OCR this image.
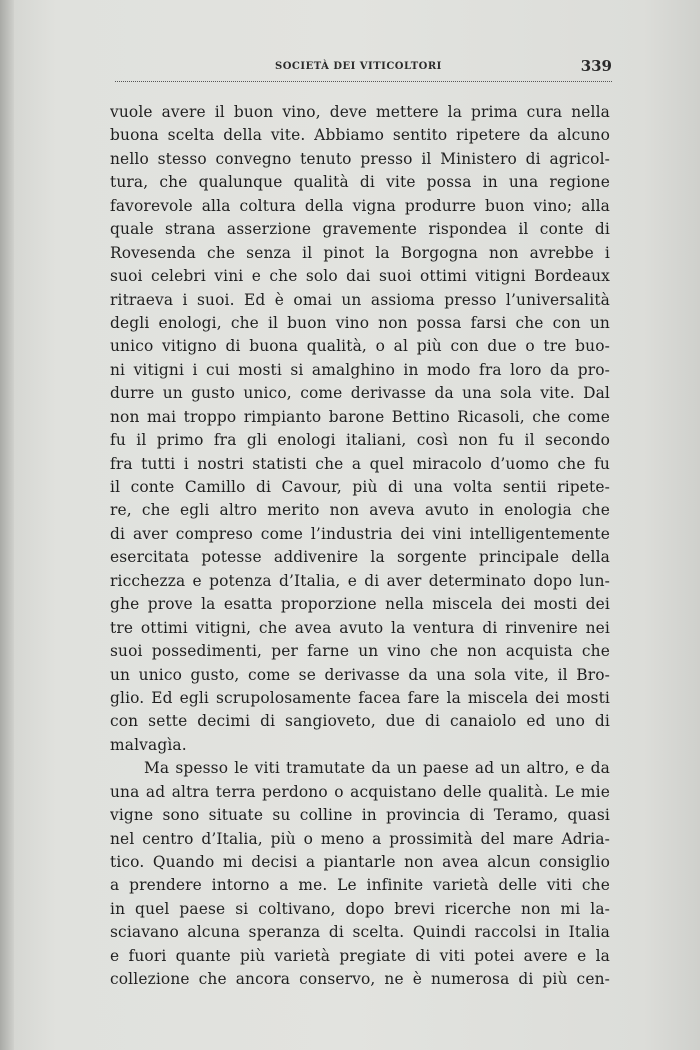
SOCIETÀ DEI VITICOLTORI	339
vuole avere il buon vino, deve mettere la prima cura nella
buona scelta della vite. Abbiamo sentito ripetere da alcuno
nello stesso convegno tenuto presso il Ministero di agricol-
tura, che qualunque qualità di vite possa in una regione
favorevole alla coltura della vigna produrre buon vino; alla
quale strana asserzione gravemente rispondea il conte di
Rovesenda che senza il pinot la Borgogna non avrebbe i
suoi celebri vini e che solo dai suoi ottimi vitigni Bordeaux
ritraeva i suoi. Ed è omai un assioma presso l’universalità
degli enologi, che il buon vino non possa farsi che con un
unico vitigno di buona qualità, o al più con due o tre buo-
ni vitigni i cui mosti si amalghino in modo fra loro da pro-
durre un gusto unico, come derivasse da una sola vite. Dal
non mai troppo rimpianto barone Bettino Ricasoli, che come
fu il primo fra gli enologi italiani, così non fu il secondo
fra tutti i nostri statisti che a quel miracolo d’uomo che fu
il conte Camillo di Cavour, più di una volta sentii ripete-
re, che egli altro merito non aveva avuto in enologia che
di aver compreso come l’industria dei vini intelligentemente
esercitata potesse addivenire la sorgente principale della
ricchezza e potenza d’Italia, e di aver determinato dopo lun-
ghe prove la esatta proporzione nella miscela dei mosti dei
tre ottimi vitigni, che avea avuto la ventura di rinvenire nei
suoi possedimenti, per farne un vino che non acquista che
un unico gusto, come se derivasse da una sola vite, il Bro-
glio. Ed egli scrupolosamente facea fare la miscela dei mosti
con sette decimi di sangioveto, due di canaiolo ed uno di
malvagìa.
Ma spesso le viti tramutate da un paese ad un altro, e da
una ad altra terra perdono o acquistano delle qualità. Le mie
vigne sono situate su colline in provincia di Teramo, quasi
nel centro d’Italia, più o meno a prossimità del mare Adria-
tico. Quando mi decisi a piantarle non avea alcun consiglio
a prendere intorno a me. Le infinite varietà delle viti che
in quel paese si coltivano, dopo brevi ricerche non mi la-
sciavano alcuna speranza di scelta. Quindi raccolsi in Italia
e fuori quante più varietà pregiate di viti potei avere e la
collezione che ancora conservo, ne è numerosa di più cen-
